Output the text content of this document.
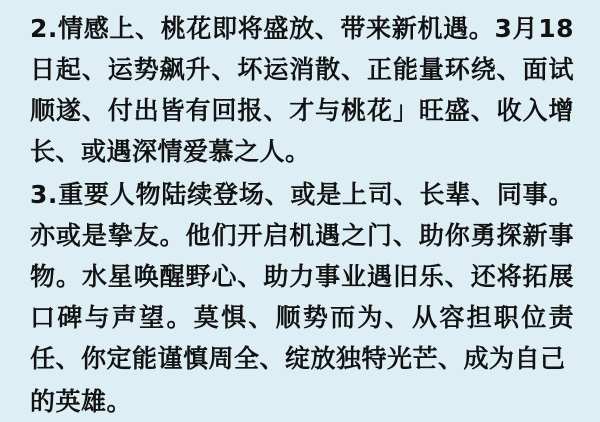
2.情感上、桃花即将盛放、带来新机遇。3月18日起、运势飙升、坏运消散、正能量环绕、面试顺遂、付出皆有回报、才与桃花」旺盛、收入增长、或遇深情爱慕之人。

3.重要人物陆续登场、或是上司、长辈、同事。亦或是挚友。他们开启机遇之门、助你勇探新事物。水星唤醒野心、助力事业遇旧乐、还将拓展口碑与声望。莫惧、顺势而为、从容担职位责任、你定能谨慎周全、绽放独特光芒、成为自己

的英雄。
